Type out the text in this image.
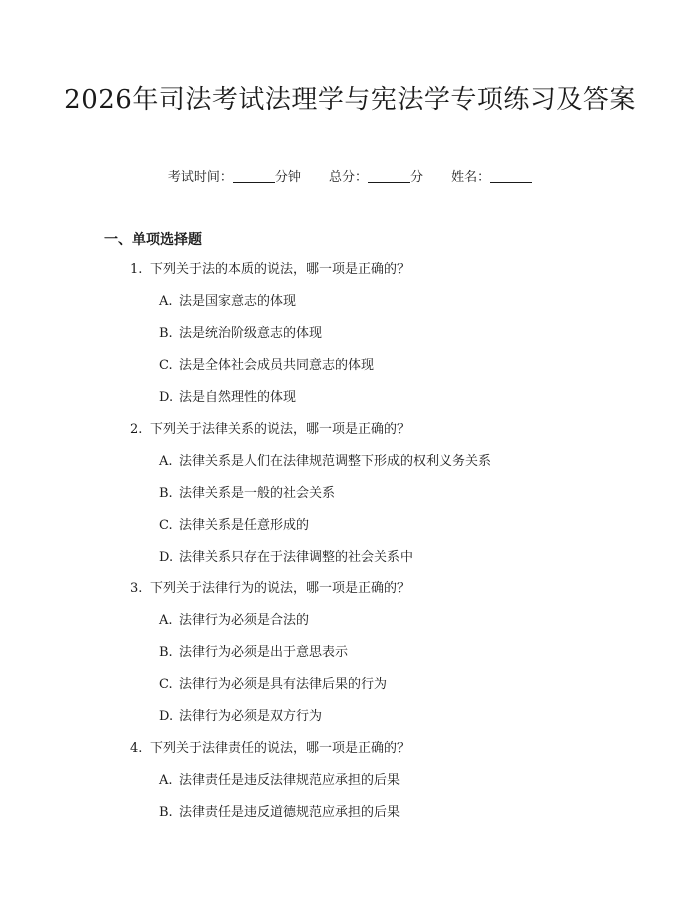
2026年司法考试法理学与宪法学专项练习及答案
考试时间：	分钟 总分：	分 姓名：
一、单项选择题
1. 下列关于法的本质的说法，哪一项是正确的？
A. 法是国家意志的体现
B. 法是统治阶级意志的体现
C. 法是全体社会成员共同意志的体现
D. 法是自然理性的体现
2. 下列关于法律关系的说法，哪一项是正确的？
A. 法律关系是人们在法律规范调整下形成的权利义务关系
B. 法律关系是一般的社会关系
C. 法律关系是任意形成的
D. 法律关系只存在于法律调整的社会关系中
3. 下列关于法律行为的说法，哪一项是正确的？
A. 法律行为必须是合法的
B. 法律行为必须是出于意思表示
C. 法律行为必须是具有法律后果的行为
D. 法律行为必须是双方行为
4. 下列关于法律责任的说法，哪一项是正确的？
A. 法律责任是违反法律规范应承担的后果
B. 法律责任是违反道德规范应承担的后果
